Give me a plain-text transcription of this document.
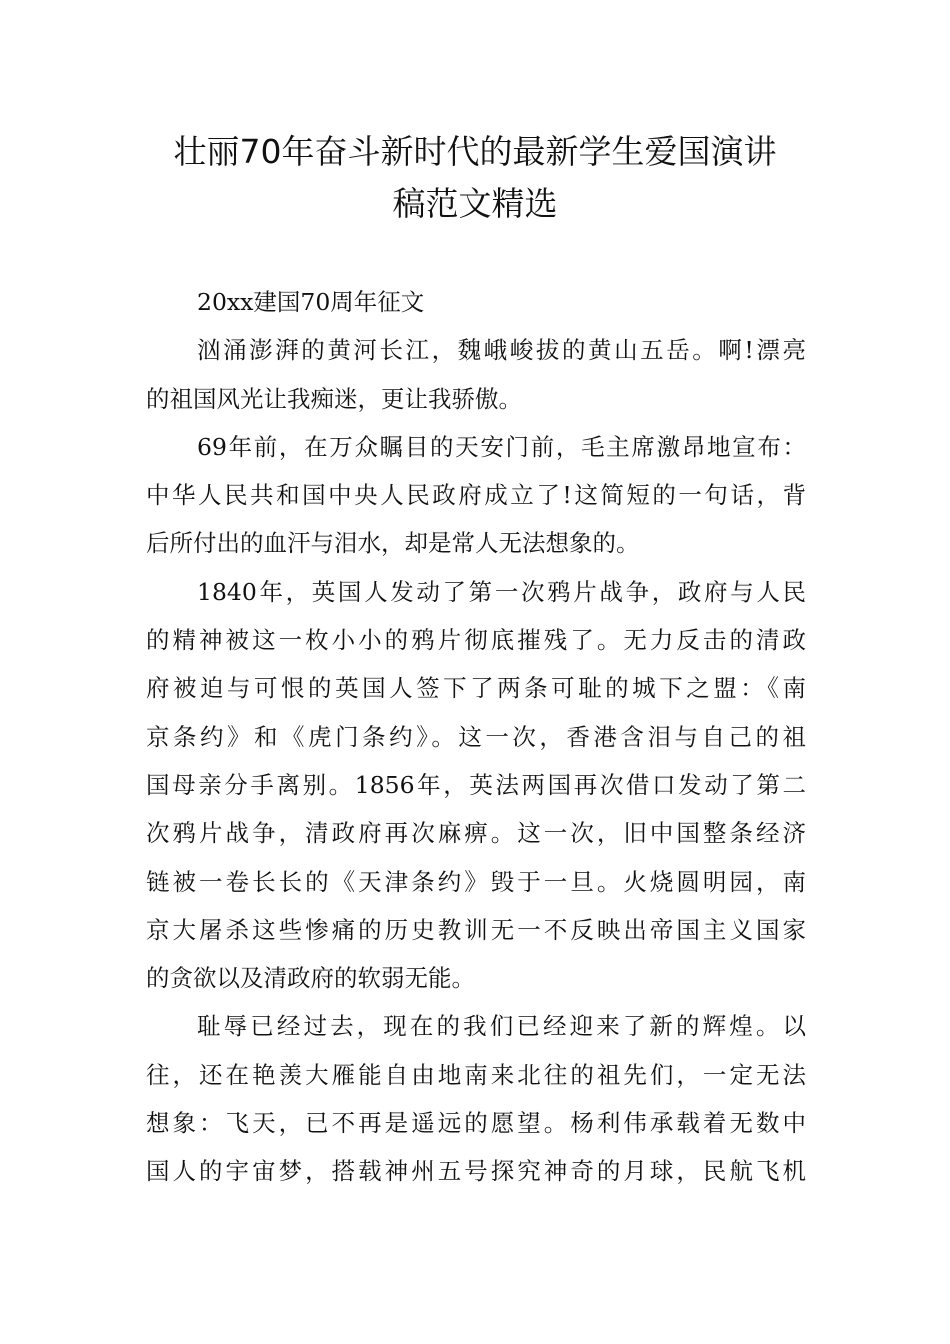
壮丽70年奋斗新时代的最新学生爱国演讲
稿范文精选
20xx建国70周年征文
汹涌澎湃的黄河长江，魏峨峻拔的黄山五岳。啊!漂亮
的祖国风光让我痴迷，更让我骄傲。
69年前，在万众瞩目的天安门前，毛主席激昂地宣布：
中华人民共和国中央人民政府成立了!这简短的一句话，背
后所付出的血汗与泪水，却是常人无法想象的。
1840年，英国人发动了第一次鸦片战争，政府与人民
的精神被这一枚小小的鸦片彻底摧残了。无力反击的清政
府被迫与可恨的英国人签下了两条可耻的城下之盟：《南
京条约》和《虎门条约》。这一次，香港含泪与自己的祖
国母亲分手离别。1856年，英法两国再次借口发动了第二
次鸦片战争，清政府再次麻痹。这一次，旧中国整条经济
链被一卷长长的《天津条约》毁于一旦。火烧圆明园，南
京大屠杀这些惨痛的历史教训无一不反映出帝国主义国家
的贪欲以及清政府的软弱无能。
耻辱已经过去，现在的我们已经迎来了新的辉煌。以
往，还在艳羡大雁能自由地南来北往的祖先们，一定无法
想象：飞天，已不再是遥远的愿望。杨利伟承载着无数中
国人的宇宙梦，搭载神州五号探究神奇的月球，民航飞机
